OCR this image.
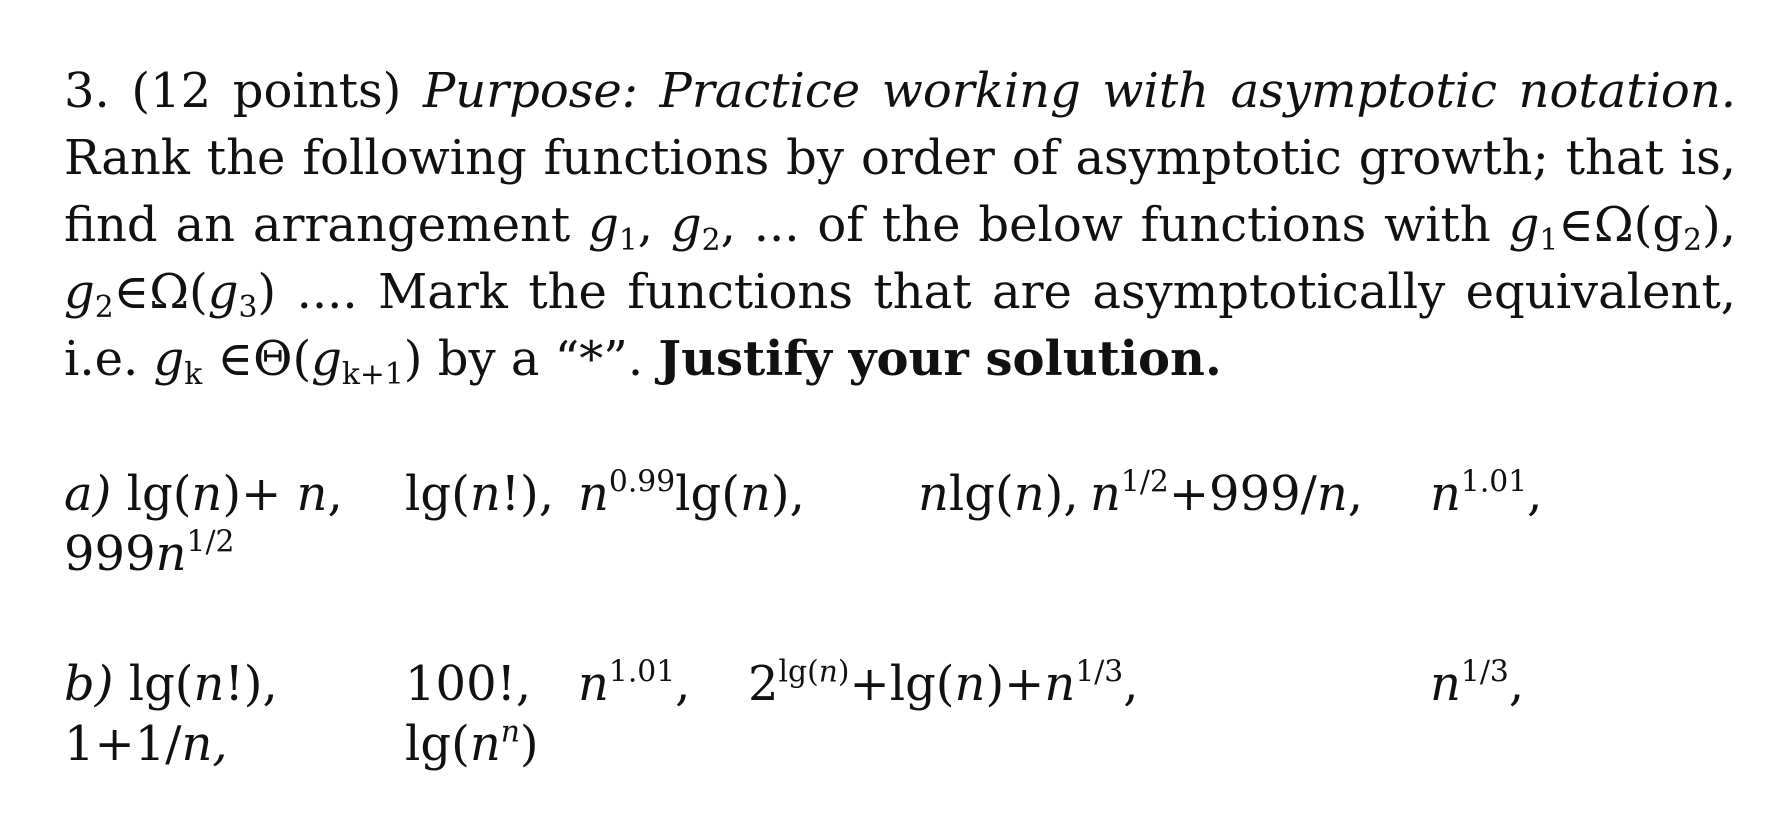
3. (12 points) Purpose: Practice working with asymptotic notation. Rank the following functions by order of asymptotic growth; that is, find an arrangement $g_1$, $g_2$, ... of the below functions with $g_1\in\Omega(g_2)$, $g_2\in\Omega(g_3)$ .... Mark the functions that are asymptotically equivalent, i.e. $g_k$ $\in\Theta(g_{k+1})$ by a “*”. Justify your solution.
a) lg(n)+ n, lg(n!), $n^{0.99}\lg(n)$, nlg(n), $n^{1/2}+999/n$, $n^{1.01}$,
$999n^{1/2}$
b) lg(n!),	100!, $n^{1.01}$, $2^{lg(n)}+\lg(n)+n^{1/3}$,	$n^{1/3}$,
1+1/n,	$\lg(n^n)$
